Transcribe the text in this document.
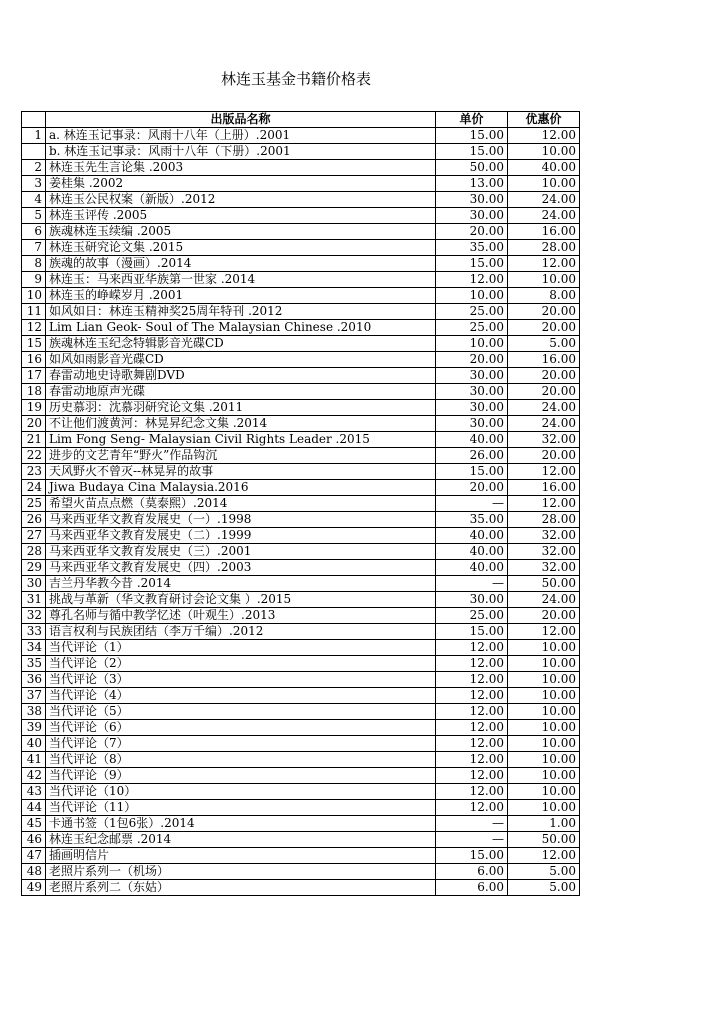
林连玉基金书籍价格表
	出版品名称	单价	优惠价
1	a. 林连玉记事录：风雨十八年（上册）.2001	15.00	12.00
	b. 林连玉记事录：风雨十八年（下册）.2001	15.00	10.00
2	林连玉先生言论集 .2003	50.00	40.00
3	姜桂集 .2002	13.00	10.00
4	林连玉公民权案（新版）.2012	30.00	24.00
5	林连玉评传 .2005	30.00	24.00
6	族魂林连玉续编 .2005	20.00	16.00
7	林连玉研究论文集 .2015	35.00	28.00
8	族魂的故事（漫画）.2014	15.00	12.00
9	林连玉：马来西亚华族第一世家 .2014	12.00	10.00
10	林连玉的峥嵘岁月 .2001	10.00	8.00
11	如风如日：林连玉精神奖25周年特刊 .2012	25.00	20.00
12	Lim Lian Geok- Soul of The Malaysian Chinese .2010	25.00	20.00
15	族魂林连玉纪念特辑影音光碟CD	10.00	5.00
16	如风如雨影音光碟CD	20.00	16.00
17	春雷动地史诗歌舞剧DVD	30.00	20.00
18	春雷动地原声光碟	30.00	20.00
19	历史慕羽：沈慕羽研究论文集 .2011	30.00	24.00
20	不让他们渡黄河：林晃昇纪念文集 .2014	30.00	24.00
21	Lim Fong Seng- Malaysian Civil Rights Leader .2015	40.00	32.00
22	进步的文艺青年“野火”作品钩沉	26.00	20.00
23	天风野火不曾灭--林晃昇的故事	15.00	12.00
24	Jiwa Budaya Cina Malaysia.2016	20.00	16.00
25	希望火苗点点燃（莫泰熙）.2014	—	12.00
26	马来西亚华文教育发展史（一）.1998	35.00	28.00
27	马来西亚华文教育发展史（二）.1999	40.00	32.00
28	马来西亚华文教育发展史（三）.2001	40.00	32.00
29	马来西亚华文教育发展史（四）.2003	40.00	32.00
30	吉兰丹华教今昔 .2014	—	50.00
31	挑战与革新（华文教育研讨会论文集 ）.2015	30.00	24.00
32	尊孔名师与循中教学忆述（叶观生）.2013	25.00	20.00
33	语言权利与民族团结（李万千编）.2012	15.00	12.00
34	当代评论（1）	12.00	10.00
35	当代评论（2）	12.00	10.00
36	当代评论（3）	12.00	10.00
37	当代评论（4）	12.00	10.00
38	当代评论（5）	12.00	10.00
39	当代评论（6）	12.00	10.00
40	当代评论（7）	12.00	10.00
41	当代评论（8）	12.00	10.00
42	当代评论（9）	12.00	10.00
43	当代评论（10）	12.00	10.00
44	当代评论（11）	12.00	10.00
45	卡通书签（1包6张）.2014	—	1.00
46	林连玉纪念邮票 .2014	—	50.00
47	插画明信片	15.00	12.00
48	老照片系列一（机场）	6.00	5.00
49	老照片系列二（东姑）	6.00	5.00
